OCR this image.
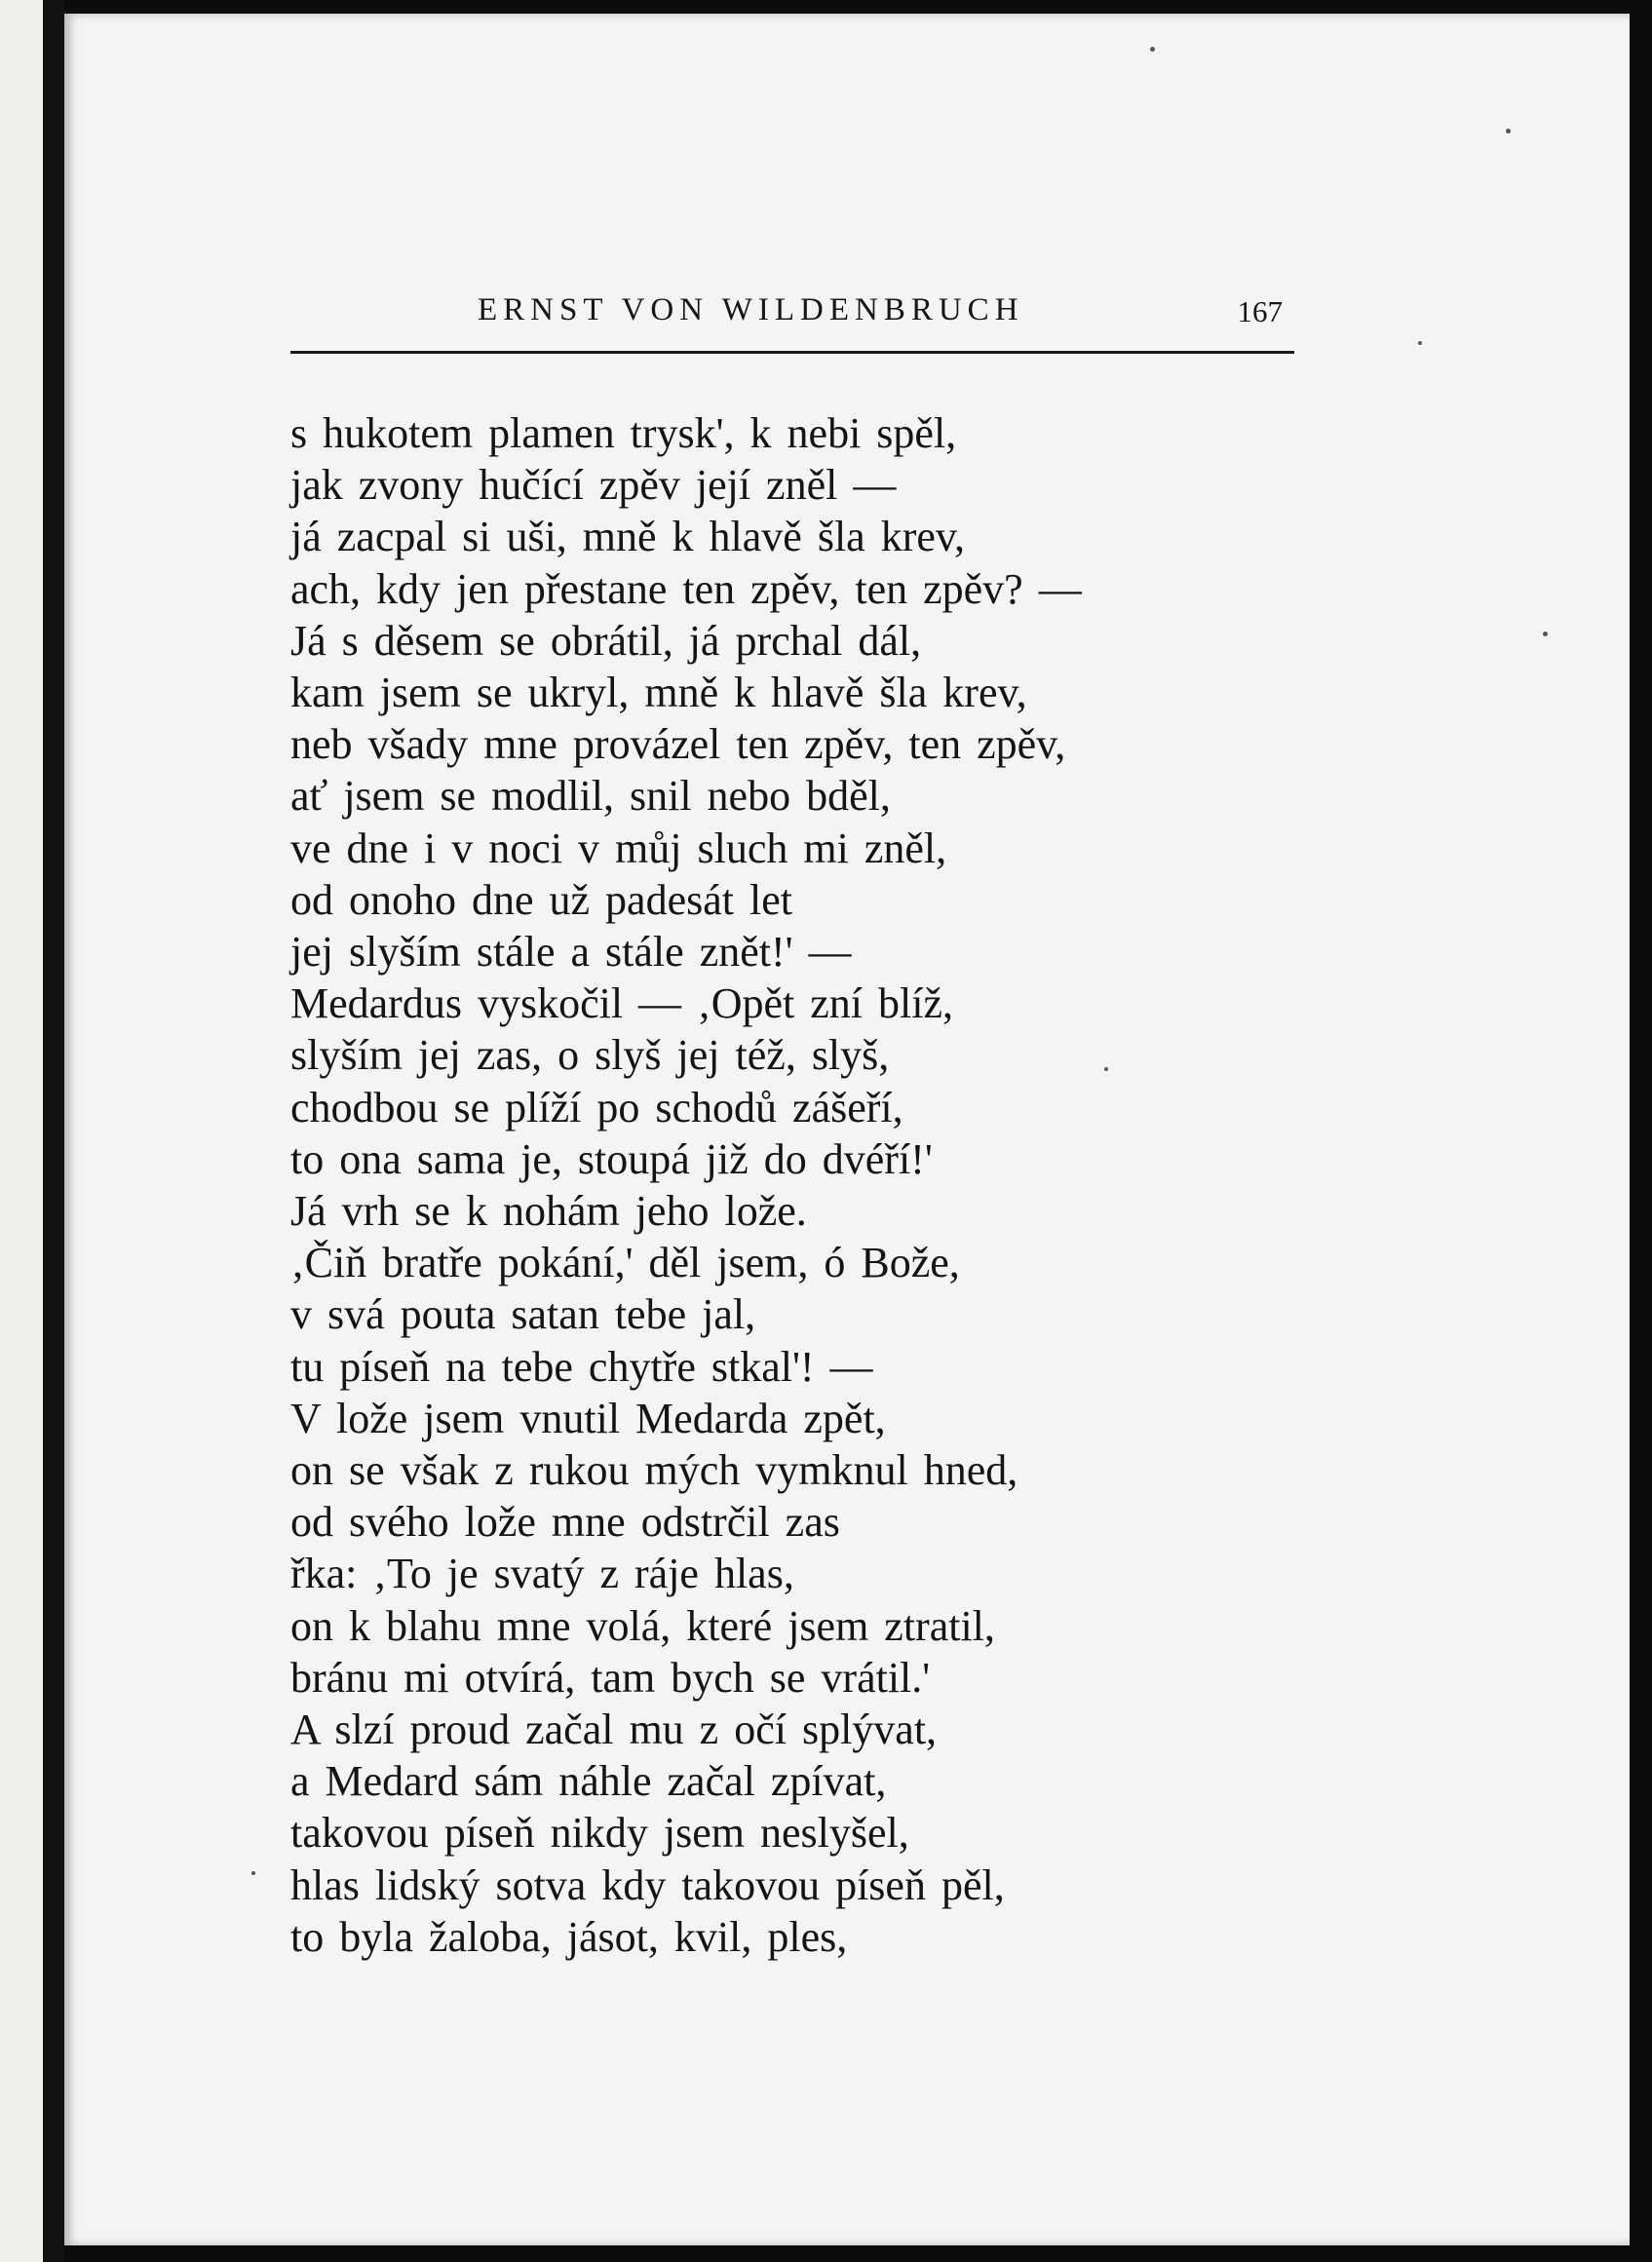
ERNST VON WILDENBRUCH	167
s hukotem plamen trysk', k nebi spěl,
jak zvony hučící zpěv její zněl —
já zacpal si uši, mně k hlavě šla krev,
ach, kdy jen přestane ten zpěv, ten zpěv? —
Já s děsem se obrátil, já prchal dál,
kam jsem se ukryl, mně k hlavě šla krev,
neb všady mne provázel ten zpěv, ten zpěv,
ať jsem se modlil, snil nebo bděl,
ve dne i v noci v můj sluch mi zněl,
od onoho dne už padesát let
jej slyším stále a stále znět!' —
Medardus vyskočil — ‚Opět zní blíž,
slyším jej zas, o slyš jej též, slyš,
chodbou se plíží po schodů zášeří,
to ona sama je, stoupá již do dvéří!'
Já vrh se k nohám jeho lože.
‚Čiň bratře pokání,' děl jsem, ó Bože,
v svá pouta satan tebe jal,
tu píseň na tebe chytře stkal'! —
V lože jsem vnutil Medarda zpět,
on se však z rukou mých vymknul hned,
od svého lože mne odstrčil zas
řka: ‚To je svatý z ráje hlas,
on k blahu mne volá, které jsem ztratil,
bránu mi otvírá, tam bych se vrátil.'
A slzí proud začal mu z očí splývat,
a Medard sám náhle začal zpívat,
takovou píseň nikdy jsem neslyšel,
hlas lidský sotva kdy takovou píseň pěl,
to byla žaloba, jásot, kvil, ples,
